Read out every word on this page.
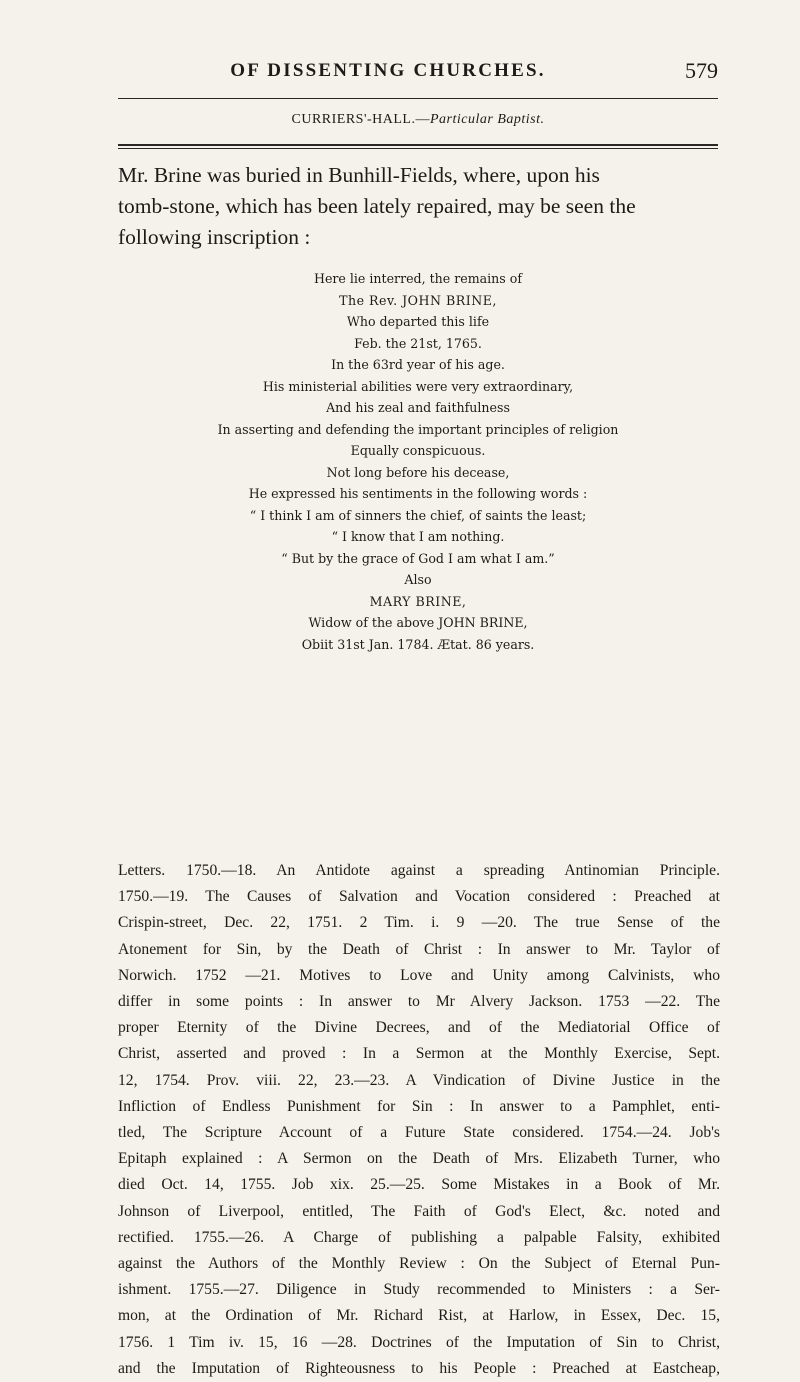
OF DISSENTING CHURCHES.	579
CURRIERS'-HALL.—Particular Baptist.
Mr. Brine was buried in Bunhill-Fields, where, upon his
tomb-stone, which has been lately repaired, may be seen the
following inscription :
Here lie interred, the remains of
The Rev. JOHN BRINE,
Who departed this life
Feb. the 21st, 1765.
In the 63rd year of his age.
His ministerial abilities were very extraordinary,
And his zeal and faithfulness
In asserting and defending the important principles of religion
Equally conspicuous.
Not long before his decease,
He expressed his sentiments in the following words :
“ I think I am of sinners the chief, of saints the least;
“ I know that I am nothing.
“ But by the grace of God I am what I am.”
Also
MARY BRINE,
Widow of the above JOHN BRINE,
Obiit 31st Jan. 1784. Ætat. 86 years.
Letters. 1750.—18. An Antidote against a spreading Antinomian Principle.
1750.—19. The Causes of Salvation and Vocation considered : Preached at
Crispin-street, Dec. 22, 1751. 2 Tim. i. 9 —20. The true Sense of the
Atonement for Sin, by the Death of Christ : In answer to Mr. Taylor of
Norwich. 1752 —21. Motives to Love and Unity among Calvinists, who
differ in some points : In answer to Mr Alvery Jackson. 1753 —22. The
proper Eternity of the Divine Decrees, and of the Mediatorial Office of
Christ, asserted and proved : In a Sermon at the Monthly Exercise, Sept.
12, 1754. Prov. viii. 22, 23.—23. A Vindication of Divine Justice in the
Infliction of Endless Punishment for Sin : In answer to a Pamphlet, enti-
tled, The Scripture Account of a Future State considered. 1754.—24. Job's
Epitaph explained : A Sermon on the Death of Mrs. Elizabeth Turner, who
died Oct. 14, 1755. Job xix. 25.—25. Some Mistakes in a Book of Mr.
Johnson of Liverpool, entitled, The Faith of God's Elect, &c. noted and
rectified. 1755.—26. A Charge of publishing a palpable Falsity, exhibited
against the Authors of the Monthly Review : On the Subject of Eternal Pun-
ishment. 1755.—27. Diligence in Study recommended to Ministers : a Ser-
mon, at the Ordination of Mr. Richard Rist, at Harlow, in Essex, Dec. 15,
1756. 1 Tim iv. 15, 16 —28. Doctrines of the Imputation of Sin to Christ,
and the Imputation of Righteousness to his People : Preached at Eastcheap,
